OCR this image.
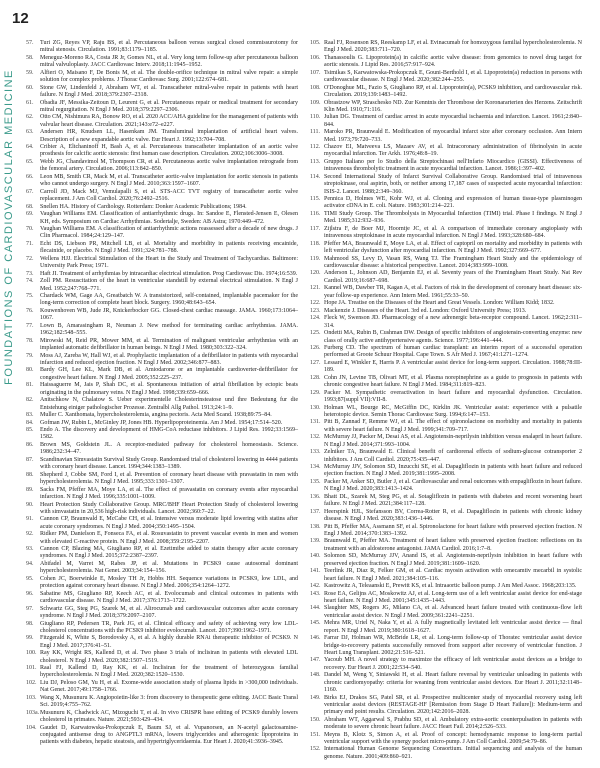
12
FOUNDATIONS OF CARDIOVASCULAR MEDICINE
57.	Turi ZG, Reyes VP, Raju BS, et al. Percutaneous balloon versus surgical closed commissurotomy for mitral stenosis. Circulation. 1991;83:1179–1185.
58.	Meneguz-Moreno RA, Costa JR Jr, Gomes NL, et al. Very long term follow-up after percutaneous balloon mitral valvuloplasty. JACC Cardiovasc Interv. 2018;11:1945–1952.
59.	Alfieri O, Maisano F, De Bonis M, et al. The double-orifice technique in mitral valve repair: a simple solution for complex problems. J Thorac Cardiovasc Surg. 2001;122:674–681.
60.	Stone GW, Lindenfeld J, Abraham WT, et al. Transcatheter mitral-valve repair in patients with heart failure. N Engl J Med. 2018;379:2307–2318.
61.	Obadia JF, Messika-Zeitoun D, Leurent G, et al. Percutaneous repair or medical treatment for secondary mitral regurgitation. N Engl J Med. 2018;379:2297–2306.
62.	Otto CM, Nishimura RA, Bonow RO, et al. 2020 ACC/AHA guideline for the management of patients with valvular heart disease. Circulation. 2021;143:e72–e227.
63.	Andersen HR, Knudsen LL, Hasenkam JM. Transluminal implantation of artificial heart valves. Description of a new expandable aortic valve. Eur Heart J. 1992;13:704–708.
64.	Cribier A, Eltchaninoff H, Bash A, et al. Percutaneous transcatheter implantation of an aortic valve prosthesis for calcific aortic stenosis: first human case description. Circulation. 2002;106:3006–3008.
65.	Webb JG, Chandavimol M, Thompson CR, et al. Percutaneous aortic valve implantation retrograde from the femoral artery. Circulation. 2006;113:842–850.
66.	Leon MB, Smith CR, Mack M, et al. Transcatheter aortic-valve implantation for aortic stenosis in patients who cannot undergo surgery. N Engl J Med. 2010;363:1597–1607.
67.	Carroll JD, Mack MJ, Vemulapalli S, et al. STS-ACC TVT registry of transcatheter aortic valve replacement. J Am Coll Cardiol. 2020;76:2492–2516.
68.	Snellen HA. History of Cardiology. Rotterdam: Donker Academic Publications; 1984.
69.	Vaughan Williams EM. Classification of antiarrhythmic drugs. In: Sandoe E, Flensted-Jensen E, Olesen KH, eds. Symposium on Cardiac Arrhythmias. Sodertalje, Sweden: AB Astra; 1970:449–472.
70.	Vaughan Williams EM. A classification of antiarrhythmic actions reassessed after a decade of new drugs. J Clin Pharmacol. 1984;24:129–147.
71.	Echt DS, Liebson PR, Mitchell LB, et al. Mortality and morbidity in patients receiving encainide, flecainide, or placebo. N Engl J Med. 1991;324:781–788.
72.	Wellens HJJ. Electrical Stimulation of the Heart in the Study and Treatment of Tachycardias. Baltimore: University Park Press; 1971.
73.	Haft JI. Treatment of arrhythmias by intracardiac electrical stimulation. Prog Cardiovasc Dis. 1974;16:539.
74.	Zoll PM. Resuscitation of the heart in ventricular standstill by external electrical stimulation. N Engl J Med. 1952;247:768–771.
75.	Chardack WM, Gage AA, Greatbatch W. A transistorized, self-contained, implantable pacemaker for the long-term correction of complete heart block. Surgery. 1960;48:643–654.
76.	Kouwenhoven WB, Jude JR, Knickerbocker GG. Closed-chest cardiac massage. JAMA. 1960;173:1064–1067.
77.	Lown B, Amarasingham R, Neuman J. New method for terminating cardiac arrhythmias. JAMA. 1962;182:548–555.
78.	Mirowski M, Reid PR, Mower MM, et al. Termination of malignant ventricular arrhythmias with an implanted automatic defibrillator in human beings. N Engl J Med. 1980;303:322–324.
79.	Moss AJ, Zareba W, Hall WJ, et al. Prophylactic implantation of a defibrillator in patients with myocardial infarction and reduced ejection fraction. N Engl J Med. 2002;346:877–883.
80.	Bardy GH, Lee KL, Mark DB, et al. Amiodarone or an implantable cardioverter-defibrillator for congestive heart failure. N Engl J Med. 2005;352:225–237.
81.	Haissaguerre M, Jais P, Shah DC, et al. Spontaneous initiation of atrial fibrillation by ectopic beats originating in the pulmonary veins. N Engl J Med. 1998;339:659–666.
82.	Anitschkow N, Chalatow S. Ueber experimentelle Cholesterinsteatose und ihre Bedeutung fur die Entstehung einiger pathologischer Prozesse. Zentralbl Allg Pathol. 1913;24:1–9.
83.	Muller C. Xanthomata, hypercholesterolemia, angina pectoris. Acta Med Scand. 1938;89:75–84.
84.	Gofman JW, Rubin L, McGinley JP, Jones HB. Hyperlipoproteinemia. Am J Med. 1954;17:514–520.
85.	Endo A. The discovery and development of HMG-CoA reductase inhibitors. J Lipid Res. 1992;33:1569–1582.
86.	Brown MS, Goldstein JL. A receptor-mediated pathway for cholesterol homeostasis. Science. 1986;232:34–47.
87.	Scandinavian Simvastatin Survival Study Group. Randomised trial of cholesterol lowering in 4444 patients with coronary heart disease. Lancet. 1994;344:1383–1389.
88.	Shepherd J, Cobbe SM, Ford I, et al. Prevention of coronary heart disease with pravastatin in men with hypercholesterolemia. N Engl J Med. 1995;333:1301–1307.
89.	Sacks FM, Pfeffer MA, Moye LA, et al. The effect of pravastatin on coronary events after myocardial infarction. N Engl J Med. 1996;335:1001–1009.
90.	Heart Protection Study Collaborative Group. MRC/BHF Heart Protection Study of cholesterol lowering with simvastatin in 20,536 high-risk individuals. Lancet. 2002;360:7–22.
91.	Cannon CP, Braunwald E, McCabe CH, et al. Intensive versus moderate lipid lowering with statins after acute coronary syndromes. N Engl J Med. 2004;350:1495–1504.
92.	Ridker PM, Danielson E, Fonseca FA, et al. Rosuvastatin to prevent vascular events in men and women with elevated C-reactive protein. N Engl J Med. 2008;359:2195–2207.
93.	Cannon CP, Blazing MA, Giugliano RP, et al. Ezetimibe added to statin therapy after acute coronary syndromes. N Engl J Med. 2015;372:2387–2397.
94.	Abifadel M, Varret M, Rabes JP, et al. Mutations in PCSK9 cause autosomal dominant hypercholesterolemia. Nat Genet. 2003;34:154–156.
95.	Cohen JC, Boerwinkle E, Mosley TH Jr, Hobbs HH. Sequence variations in PCSK9, low LDL, and protection against coronary heart disease. N Engl J Med. 2006;354:1264–1272.
96.	Sabatine MS, Giugliano RP, Keech AC, et al. Evolocumab and clinical outcomes in patients with cardiovascular disease. N Engl J Med. 2017;376:1713–1722.
97.	Schwartz GG, Steg PG, Szarek M, et al. Alirocumab and cardiovascular outcomes after acute coronary syndrome. N Engl J Med. 2018;379:2097–2107.
98.	Giugliano RP, Pedersen TR, Park JG, et al. Clinical efficacy and safety of achieving very low LDL-cholesterol concentrations with the PCSK9 inhibitor evolocumab. Lancet. 2017;390:1962–1971.
99.	Fitzgerald K, White S, Borodovsky A, et al. A highly durable RNAi therapeutic inhibitor of PCSK9. N Engl J Med. 2017;376:41–51.
100. Ray KK, Wright RS, Kallend D, et al. Two phase 3 trials of inclisiran in patients with elevated LDL cholesterol. N Engl J Med. 2020;382:1507–1519.
101. Raal FJ, Kallend D, Ray KK, et al. Inclisiran for the treatment of heterozygous familial hypercholesterolemia. N Engl J Med. 2020;382:1520–1530.
102. Liu DJ, Peloso GM, Yu H, et al. Exome-wide association study of plasma lipids in >300,000 individuals. Nat Genet. 2017;49:1758–1766.
103. Wang X, Musunuru K. Angiopoietin-like 3: from discovery to therapeutic gene editing. JACC Basic Transl Sci. 2019;4:755–762.
103a. Musunuru K, Chadwick AC, Mizoguchi T, et al. In vivo CRISPR base editing of PCSK9 durably lowers cholesterol in primates. Nature. 2021;593:429–434.
104. Gaudet D, Karwatowska-Prokopczuk E, Baum SJ, et al. Vupanorsen, an N-acetyl galactosamine-conjugated antisense drug to ANGPTL3 mRNA, lowers triglycerides and atherogenic lipoproteins in patients with diabetes, hepatic steatosis, and hypertriglyceridaemia. Eur Heart J. 2020;41:3936–3945.
105. Raal FJ, Rosenson RS, Reeskamp LF, et al. Evinacumab for homozygous familial hypercholesterolemia. N Engl J Med. 2020;383:711–720.
106. Thanassoulis G. Lipoprotein(a) in calcific aortic valve disease: from genomics to novel drug target for aortic stenosis. J Lipid Res. 2016;57:917–924.
107. Tsimikas S, Karwatowska-Prokopczuk E, Gouni-Berthold I, et al. Lipoprotein(a) reduction in persons with cardiovascular disease. N Engl J Med. 2020;382:244–255.
108. O'Donoghue ML, Fazio S, Giugliano RP, et al. Lipoprotein(a), PCSK9 inhibition, and cardiovascular risk. Circulation. 2019;139:1483–1492.
109. Obrastzow WP, Straschesko ND. Zur Kenntnis der Thrombose der Koronararterien des Herzens. Zeitschrift Klin Med. 1910;71:116.
110. Julian DG. Treatment of cardiac arrest in acute myocardial ischaemia and infarction. Lancet. 1961;2:840–844.
111. Maroko PR, Braunwald E. Modification of myocardial infarct size after coronary occlusion. Ann Intern Med. 1973;79:720–733.
112. Chazov EI, Matveeva LS, Mazaev AV, et al. Intracoronary administration of fibrinolysin in acute myocardial infarction. Ter Arkh. 1976;48:8–19.
113. Gruppo Italiano per lo Studio della Streptochinasi nell'Infarto Miocardico (GISSI). Effectiveness of intravenous thrombolytic treatment in acute myocardial infarction. Lancet. 1986;1:397–402.
114. Second International Study of Infarct Survival Collaborative Group. Randomised trial of intravenous streptokinase, oral aspirin, both, or neither among 17,187 cases of suspected acute myocardial infarction: ISIS-2. Lancet. 1988;2:349–360.
115. Pennica D, Holmes WE, Kohr WJ, et al. Cloning and expression of human tissue-type plasminogen activator cDNA in E. coli. Nature. 1983;301:214–221.
116. TIMI Study Group. The Thrombolysis in Myocardial Infarction (TIMI) trial. Phase I findings. N Engl J Med. 1985;312:932–936.
117. Zijlstra F, de Boer MJ, Hoorntje JC, et al. A comparison of immediate coronary angioplasty with intravenous streptokinase in acute myocardial infarction. N Engl J Med. 1993;328:680–684.
118. Pfeffer MA, Braunwald E, Moye LA, et al. Effect of captopril on mortality and morbidity in patients with left ventricular dysfunction after myocardial infarction. N Engl J Med. 1992;327:669–677.
119. Mahmood SS, Levy D, Vasan RS, Wang TJ. The Framingham Heart Study and the epidemiology of cardiovascular disease: a historical perspective. Lancet. 2014;383:999–1008.
120. Anderson L, Johnson AD, Benjamin EJ, et al. Seventy years of the Framingham Heart Study. Nat Rev Cardiol. 2019;16:687–698.
121. Kannel WB, Dawber TR, Kagan A, et al. Factors of risk in the development of coronary heart disease: six-year follow-up experience. Ann Intern Med. 1961;55:33–50.
122. Hope JA. Treatise on the Diseases of the Heart and Great Vessels. London: William Kidd; 1832.
123. Mackenzie J. Diseases of the Heart. 3rd ed. London: Oxford University Press; 1913.
124. Fleck W, Swenson JD. Pharmacology of a new adrenergic beta-receptor compound. Lancet. 1962;2:311–314.
125. Ondetti MA, Rubin B, Cushman DW. Design of specific inhibitors of angiotensin-converting enzyme: new class of orally active antihypertensive agents. Science. 1977;196:441–444.
126. Furberg CD. The spectrum of human cardiac transplant: an interim report of a successful operation performed at Groote Schuur Hospital. Cape Town. S Afr Med J. 1967;41:1271–1274.
127. Lessard E, Winkler E, Harris P. A ventricular assist device for long-term support. Circulation. 1988;78:III-189.
128. Cohn JN, Levine TB, Olivari MT, et al. Plasma norepinephrine as a guide to prognosis in patients with chronic congestive heart failure. N Engl J Med. 1984;311:819–823.
129. Packer M. Sympathetic overactivation in heart failure and myocardial dysfunction. Circulation. 1993;87(suppl VII):VII-8.
130. Holman WL, Bourge RC, McGiffin DC, Kirklin JK. Ventricular assist: experience with a pulsatile heterotopic device. Semin Thorac Cardiovasc Surg. 1994;6:147–153.
131. Pitt B, Zannad F, Remme WJ, et al. The effect of spironolactone on morbidity and mortality in patients with severe heart failure. N Engl J Med. 1999;341:709–717.
132. McMurray JJ, Packer M, Desai AS, et al. Angiotensin-neprilysin inhibition versus enalapril in heart failure. N Engl J Med. 2014;371:993–1004.
133. Zelniker TA, Braunwald E. Clinical benefit of cardiorenal effects of sodium-glucose cotransporter 2 inhibitors. J Am Coll Cardiol. 2020;75:435–447.
134. McMurray JJV, Solomon SD, Inzucchi SE, et al. Dapagliflozin in patients with heart failure and reduced ejection fraction. N Engl J Med. 2019;381:1995–2008.
135. Packer M, Anker SD, Butler J, et al. Cardiovascular and renal outcomes with empagliflozin in heart failure. N Engl J Med. 2020;383:1413–1424.
136. Bhatt DL, Szarek M, Steg PG, et al. Sotagliflozin in patients with diabetes and recent worsening heart failure. N Engl J Med. 2021;384:117–128.
137. Heerspink HJL, Stefansson BV, Correa-Rotter R, et al. Dapagliflozin in patients with chronic kidney disease. N Engl J Med. 2020;383:1436–1446.
138. Pitt B, Pfeffer MA, Assmann SF, et al. Spironolactone for heart failure with preserved ejection fraction. N Engl J Med. 2014;370:1383–1392.
139. Braunwald E, Pfeffer MA. Treatment of heart failure with preserved ejection fraction: reflections on its treatment with an aldosterone antagonist. JAMA Cardiol. 2016;1:7–8.
140. Solomon SD, McMurray JJV, Anand IS, et al. Angiotensin-neprilysin inhibition in heart failure with preserved ejection fraction. N Engl J Med. 2019;381:1609–1620.
141. Teerlink JR, Diaz R, Felker GM, et al. Cardiac myosin activation with omecamtiv mecarbil in systolic heart failure. N Engl J Med. 2021;384:105–116.
142. Kastrowitz A, Teleaanski E, Prewitt KS, et al. Intraaortic balloon pump. J Am Med Assoc. 1968;203:135.
143. Rose EA, Gelijns AC, Moskowitz AJ, et al. Long-term use of a left ventricular assist device for end-stage heart failure. N Engl J Med. 2001;345:1435–1443.
144. Slaughter MS, Rogers JG, Milano CA, et al. Advanced heart failure treated with continuous-flow left ventricular assist device. N Engl J Med. 2009;361:2241–2251.
145. Mehra MR, Uriel N, Naka Y, et al. A fully magnetically levitated left ventricular assist device — final report. N Engl J Med. 2019;380:1618–1627.
146. Farrar DJ, Holman WR, McBride LR, et al. Long-term follow-up of Thoratec ventricular assist device bridge-to-recovery patients successfully removed from support after recovery of ventricular function. J Heart Lung Transplant. 2002;21:516–521.
147. Yacoub MH. A novel strategy to maximize the efficacy of left ventricular assist devices as a bridge to recovery. Eur Heart J. 2001;22:534–540.
148. Dandel M, Weng Y, Siniawski H, et al. Heart failure reversal by ventricular unloading in patients with chronic cardiomyopathy: criteria for weaning from ventricular assist devices. Eur Heart J. 2011;32:1148–1160.
149. Birks EJ, Drakos SG, Patel SR, et al. Prospective multicenter study of myocardial recovery using left ventricular assist devices (RESTAGE-HF [Remission from Stage D Heart Failure]): Medium-term and primary end point results. Circulation. 2020;142:2016–2028.
150. Abraham WT, Aggarwal S, Prabhu SD, et al. Ambulatory extra-aortic counterpulsation in patients with moderate to severe chronic heart failure. JACC Heart Fail. 2014;2:526–533.
151. Meyns B, Klotz S, Simon A, et al. Proof of concept: hemodynamic response to long-term partial ventricular support with the synergy pocket micro-pump. J Am Coll Cardiol. 2009;54:79–86.
152. International Human Genome Sequencing Consortium. Initial sequencing and analysis of the human genome. Nature. 2001;409:860–921.
